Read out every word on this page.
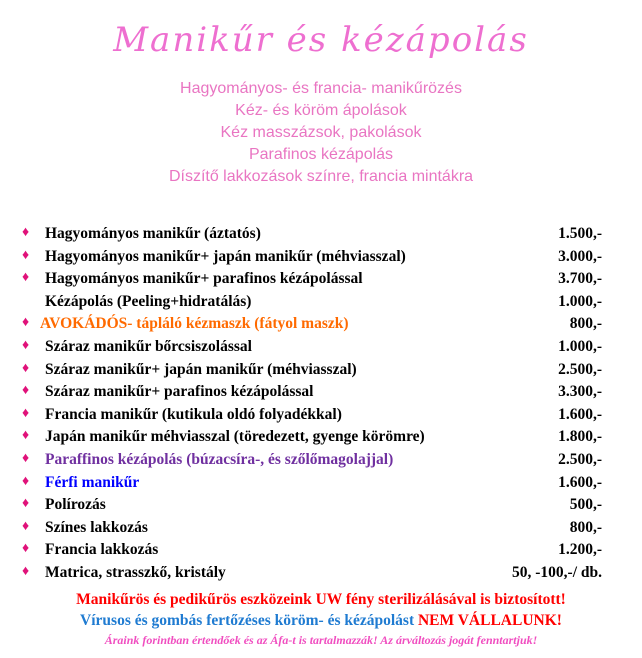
Manikűr és kézápolás
Hagyományos- és francia- manikűrözés
Kéz- és köröm ápolások
Kéz masszázsok, pakolások
Parafinos kézápolás
Díszítő lakkozások színre, francia mintákra
♦ Hagyományos manikűr (áztatós)	1.500,-
♦ Hagyományos manikűr+ japán manikűr (méhviasszal)	3.000,-
♦ Hagyományos manikűr+ parafinos kézápolással	3.700,-
Kézápolás (Peeling+hidratálás)	1.000,-
♦ AVOKÁDÓS- tápláló kézmaszk (fátyol maszk)	800,-
♦ Száraz manikűr bőrcsiszolással	1.000,-
♦ Száraz manikűr+ japán manikűr (méhviasszal)	2.500,-
♦ Száraz manikűr+ parafinos kézápolással	3.300,-
♦ Francia manikűr (kutikula oldó folyadékkal)	1.600,-
♦ Japán manikűr méhviasszal (töredezett, gyenge körömre)	1.800,-
♦ Paraffinos kézápolás (búzacsíra-, és szőlőmagolajjal)	2.500,-
♦ Férfi manikűr	1.600,-
♦ Polírozás	500,-
♦ Színes lakkozás	800,-
♦ Francia lakkozás	1.200,-
♦ Matrica, strasszkő, kristály	50, -100,-/ db.
Manikűrös és pedikűrös eszközeink UW fény sterilizálásával is biztosított!
Vírusos és gombás fertőzéses köröm- és kézápolást NEM VÁLLALUNK!
Áraink forintban értendőek és az Áfa-t is tartalmazzák! Az árváltozás jogát fenntartjuk!
